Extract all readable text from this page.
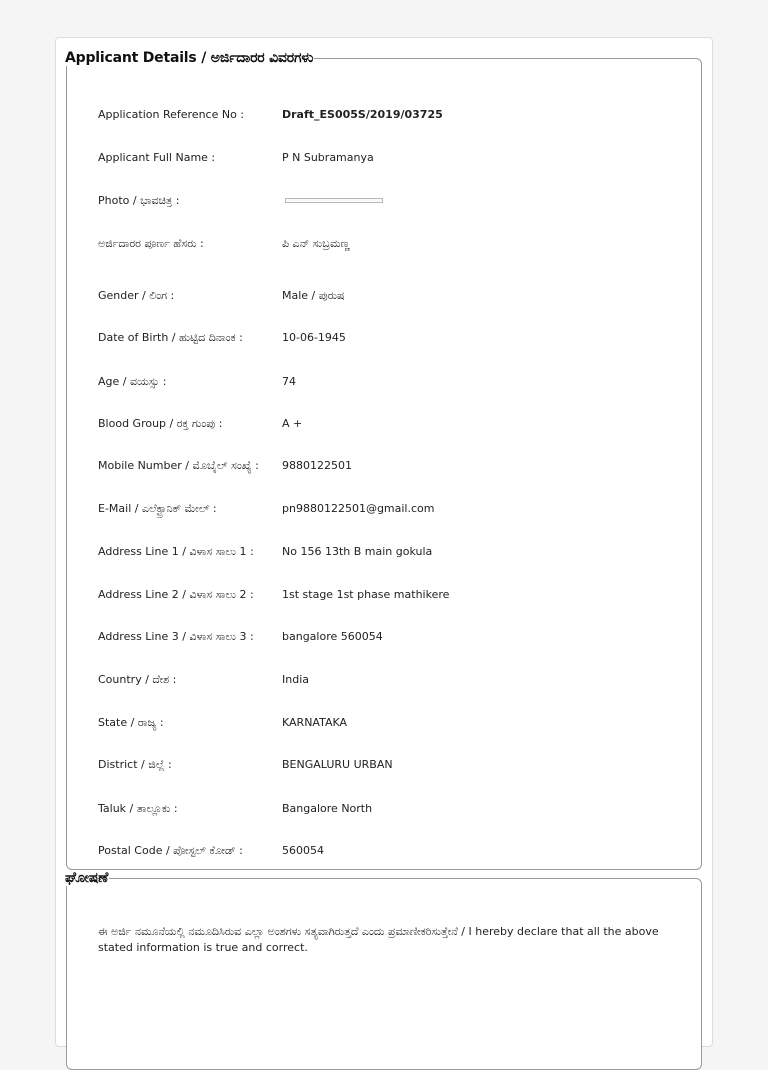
Applicant Details / ಅರ್ಜಿದಾರರ ವಿವರಗಳು
Application Reference No :	Draft_ES005S/2019/03725
Applicant Full Name :	P N Subramanya
Photo / ಭಾವಚಿತ್ರ :
ಅರ್ಜಿದಾರರ ಪೂರ್ಣ ಹೆಸರು :	ಪಿ ಎನ್ ಸುಬ್ರಮಣ್ಣ
Gender / ಲಿಂಗ :	Male / ಪುರುಷ
Date of Birth / ಹುಟ್ಟಿದ ದಿನಾಂಕ :	10-06-1945
Age / ವಯಸ್ಸು :	74
Blood Group / ರಕ್ತ ಗುಂಪು :	A +
Mobile Number / ಮೊಬೈಲ್ ಸಂಖ್ಯೆ : 9880122501
E-Mail / ಎಲೆಕ್ಟ್ರಾನಿಕ್ ಮೇಲ್ :	pn9880122501@gmail.com
Address Line 1 / ವಿಳಾಸ ಸಾಲು 1 :	No 156 13th B main gokula
Address Line 2 / ವಿಳಾಸ ಸಾಲು 2 :	1st stage 1st phase mathikere
Address Line 3 / ವಿಳಾಸ ಸಾಲು 3 :	bangalore 560054
Country / ದೇಶ :	India
State / ರಾಜ್ಯ :	KARNATAKA
District / ಜಿಲ್ಲೆ :	BENGALURU URBAN
Taluk / ತಾಲ್ಲೂಕು :	Bangalore North
Postal Code / ಪೋಸ್ಟಲ್ ಕೋಡ್ :	560054
ಘೋಷಣೆ
ಈ ಅರ್ಜಿ ನಮೂನೆಯಲ್ಲಿ ನಮೂದಿಸಿರುವ ಎಲ್ಲಾ ಅಂಶಗಳು ಸತ್ಯವಾಗಿರುತ್ತದೆ ಎಂದು ಪ್ರಮಾಣೀಕರಿಸುತ್ತೇನೆ / I hereby declare that all the above stated information is true and correct.
